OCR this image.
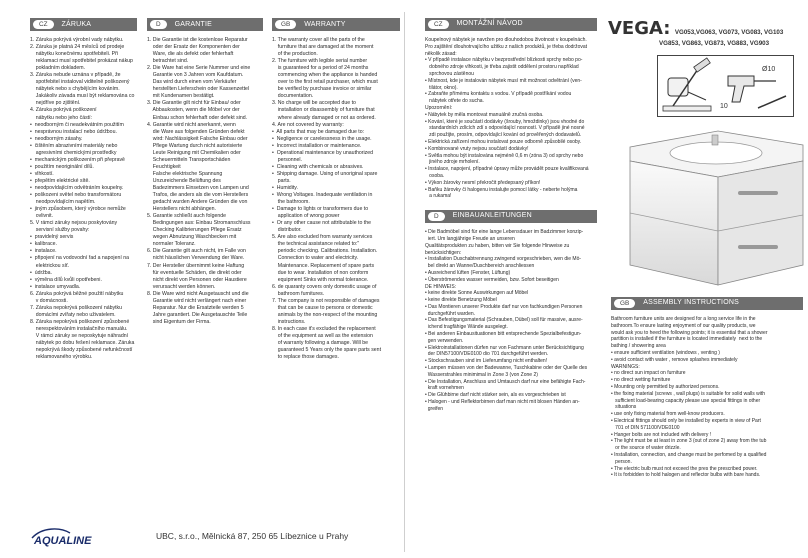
CZ	ZÁRUKA
1. Záruka pokrývá výrobní vady nábytku.
2. Záruka je platná 24 měsíců od prodeje
nábytku konečnému spotřebiteli. Při
reklamaci musí spotřebitel prokázat nákup
pokladním dokladem.
3. Záruka nebude uznána v případě, že
spotřebitel instaloval viditelně poškozený
nábytek nebo s chybějícím kováním.
Jakákoliv závada musí být reklamována co
nejdříve po zjištění.
4. Záruka pokrývá poškození
nábytku nebo jeho částí:
•  neodborným či neadekvátním použitím
•  nesprávnou instalací nebo údržbou.
•  neodborným zásahy.
•  čištěním abrazivními materiály nebo
agresivními chemickými prostředky
•  mechanickým poškozením při přepravě
•  použitím neoriginální dílů.
•  vlhkostí.
•  přepětím elektrické sítě.
•  neodpovídajícím odvětráním koupelny.
•  poškozeni světel nebo transformátoru
neodpovídajícím napětím.
•  jiným způsobem, který výrobce nemůže
ovlivnit.
5. V rámci záruky nejsou poskytovány
servisní služby povahy:
•  pravidelný servis
•  kalibrace.
•  instalace.
•  připojení na vodovodní řad a napojení na
elektrickou síť.
•  údržba.
•  výměna dílů kvůli opotřebeni.
•  instalace umyvadla.
6. Záruka pokrývá běžné použití nábytku
v domácnosti.
7. Záruka nepokrývá poškození nábytku
domácími zvířaty nebo uživatelem.
8. Záruka nepokrývá poškození způsobené
nerespektováním instalačního manuálu.
V rámci záruky se neposkytuje náhradní
nábytek po dobu řešení reklamace. Záruka
nepokrývá škody způsobené nefunkčností
reklamovaného výrobku.
D	GARANTIE
1. Die Garantie ist die kostenlose Reparatur
oder der Ersatz der Komponenten der
Ware, die als defekt oder fehlerhaft
betrachtet sind.
2. Die Ware hat eine Serie Nummer und eine
Garantie von 3 Jahren vom Kaufdatum.
Das wird durch einen vom Verkäufer
herstellten Lieferschein oder Kassenzettel
mit Kundenamen bestätigt.
3. Die Garantie gilt nicht für Einbau/ oder
Abbaukosten, wenn die Möbel vor der
Einbau schon fehlerhaft oder defekt sind.
4. Garantie wird nicht anerkannt, wenn
die Ware aus folgenden Gründen defekt
wird: Nachlässigkeit Falsche Einbau oder
Pflege Wartung durch nicht autorisierte
Leute Reinigung mit Chemikalien oder
Scheuermitteln Transportschäden
Feuchtigkeit
Falsche elektrische Spannung
Unzureichende Belüftung des
Badezimmers Einsetzen von Lampen und
Trafos, die anders als die vom Herstellers
gedacht wurden Andere Gründen die von
Herstellers nicht abhängen.
5. Garantie schließt auch folgende
Bedingungen aus: Einbau Stromanschluss
Checking Kalibrierungen Pflege Ersatz
wegen Abnutzung Waschbecken mit
normaler Toleranz.
6. Die Garantie gilt auch nicht, im Falle von
nicht häuslichen Verwendung der Ware.
7. Der Hersteller übernimmt keine Haftung
für eventuelle Schäden, die direkt oder
nicht direkt von Personen oder Haustiere
verursacht werden können.
8. Die Ware wird nicht Ausgetauscht und die
Garantie wird nicht verlängert nach einer
Reparatur. Nur die Ersatzteile werden 5
Jahre garantiert. Die Ausgetauschte Teile
sind Eigentum der Firma.
GB	WARRANTY
1. The warranty cover all the parts of the
furniture that are damaged at the moment
of the production.
2. The furniture with legible serial number
is guaranteed for a period of 24 months
commencing when the appliance is handed
over to the first retail purchaser, which must
be verified by purchase invoice or similar
documentation.
3. No charge will be accepted due to
installation or disassembly of furniture that
where already damaged or not as ordered.
4. Are not covered by warranty:
•  All parts that may be damaged due to:
•  Negligence or carelessness in the usage.
•  Incorrect installation or maintenance.
•  Operational maintenance by unauthorized
personnel.
•  Cleaning with chemicals or abrasives.
•  Shipping damage. Using of unoriginal spare
parts.
•  Humidity.
•  Wrong Voltages. Inadequate ventilation in
the bathroom.
•  Damage to lights or transformers due to
application of wrong power
•  Or any other cause not attributable to the
distributor.
5. Are also excluded from warranty services
the technical assistance related to:"
periodic checking. Calibrations. Installation.
Connection to water and electricity.
Maintenance. Replacement of spare parts
due to wear. Installation of non conform
equipment Sinks with normal tolerance.
6. de quaranty covers only domestic usage of
bathroom furnitures.
7. The company is not responsible of damages
that can be cause to persons or domestic
animals by the non-respect of the mounting
instructions.
8. In each case it's excluded the replacement
of the equipment as well as the extension
of warranty following a damage. Will be
guaranteed 5 Years only the spare parts sent
to replace those damages.
AQUALINE	UBC, s.r.o., Mělnická 87, 250 65 Líbeznice u Prahy
CZ	MONTÁŽNÍ NÁVOD
Koupelnový nábytek je navržen pro dlouhodobou životnost v koupelnách.
Pro zajištění dlouhotrvajícího užitku z našich produktů, je třeba dodržovat
několik zásad:
• V případě instalace nábytku v bezprostřední blízkosti sprchy nebo po-
dobného zdroje vlhkosti, je třeba zajistit oddělení prostoru například
sprchovou zástěnou
• Místnost, kde je instalován nábytek musí mít možnost odvětrání (ven-
tilátor, okno).
• Zabraňte přímému kontaktu s vodou. V případě postříkání vodou
nábytek otřete do sucha.
Upozornění:
• Nábytek by měla montovat manuálně zručná osoba.
• Kování, které je součástí dodávky (šrouby, hmoždinky) jsou vhodné do
standardních zdících zdí s odpovídající nosností. V případě jiné nosné
zdi použijte, prosím, odpovídající kování od prověřených dodavatelů.
• Elektrická zařízení mohou instalovat pouze odborně způsobilé osoby.
• Kombinované vruty nejsou součástí dodávky!
• Světla mohou být instalována nejméně 0,6 m (zóna 3) od sprchy nebo
jiného zdroje mrholení.
• Instalace, napojení, případné úpravy může provádět pouze kvalifikovaná
osoba.
• Výkon žárovky nesmí překročit předepsaný příkon!
• Baňku žárovky či halogenu instalujte pomocí látky - neberte holýma
a rukama!
D	EINBAUANLEITUNGEN
• Die Badmöbel sind für eine lange Lebensdauer im Badzimmer konzip-
iert. Um langjährige Freude an unseren
Qualitätsprodukten zu haben, bitten wir Sie folgende Hinweise zu
berücksichtigen:
• Installation Duschabtrennung zwingend vorgeschrieben, wen die Mö-
bel direkt an Wanne/Duschbereich anschliessen
• Ausreichend lüften (Fenster, Lüftung)
• Überströmendes wasser vermeiden, bzw. Sofort beseitigen
DE HINWEIS:
• keine direkte Sonne Auswirkungen auf Möbel
• keine direkte Benetzung Möbel
• Das Montieren unserer Produkte darf nur von fachkundigen Personen
durchgeführt warden.
• Das Befestigungsmaterial (Schrauben, Dübel) soll für massive, ausre-
ichend tragfähige Wände ausgelegt.
• Bei anderen Einbausituationen bitt entsprechende Spezialbefestigun-
gen verwenden.
• Elektroinstallationen dürfen nur von Fachmann unter Berücksichtigung
der DIN57100/VDE0100 dio 701 durchgeführt werden.
• Stockschrauben sind im Lieferumfang nicht enthalten!
• Lampen müssen von der Badewanne, Tuschkabine oder der Quelle des
Wasserstrahles minimimal in Zone 3 (von Zone 2)
• Die Installation, Anschluss und Umtausch darf nur eine befähigte Fach-
kraft vornehmen
• Die Glühbirne darf nicht stärker sein, als es vorgeschrieben ist
• Halogen - und Reflektorbirnen darf man nicht mit blosen Händen an-
greifen
VEGA: VG053,VG063, VG073, VG083, VG103
VG853, VG863, VG873, VG883, VG903
Ø10
10
GB	ASSEMBLY INSTRUCTIONS
Bathroom furniture units are designed for a long service life in the
bathroom.To ensure lasting enjoyment of our quality products, we
would ask you to heed the following points; it is essential that a shower
partition is installed if the furniture is located immediately  next to the
bathing / showering area
• ensure sufficient ventilation (windows , venting )
• avoid contact with water , remove splashes immediately
WARNINGS:
• no direct sun impact on furniture
• no direct wetting furniture
• Mounting only permitted by authorized persons.
• the fixing material (screws , wall plugs) is suitable for solid walls with
sufficient load-bearing capacity please use special fittings in other
situations
• use only fixing material from well-know producers.
• Electrical fittings should only be installed by experts in view of Part
701 of DIN 571100/VDE0100
• Hanger bolts are not included with delivery !
• The light must be at least in zone 3 (out of zone 2) away from the tub
or the source of water drizzle.
• Installation, connection, and change must be perfomed by a qualified
person.
• The electric bulb must not exceed the pres the prescribed power.
• It is forbidden to hold halogen and reflector bulbs with bare hands.
